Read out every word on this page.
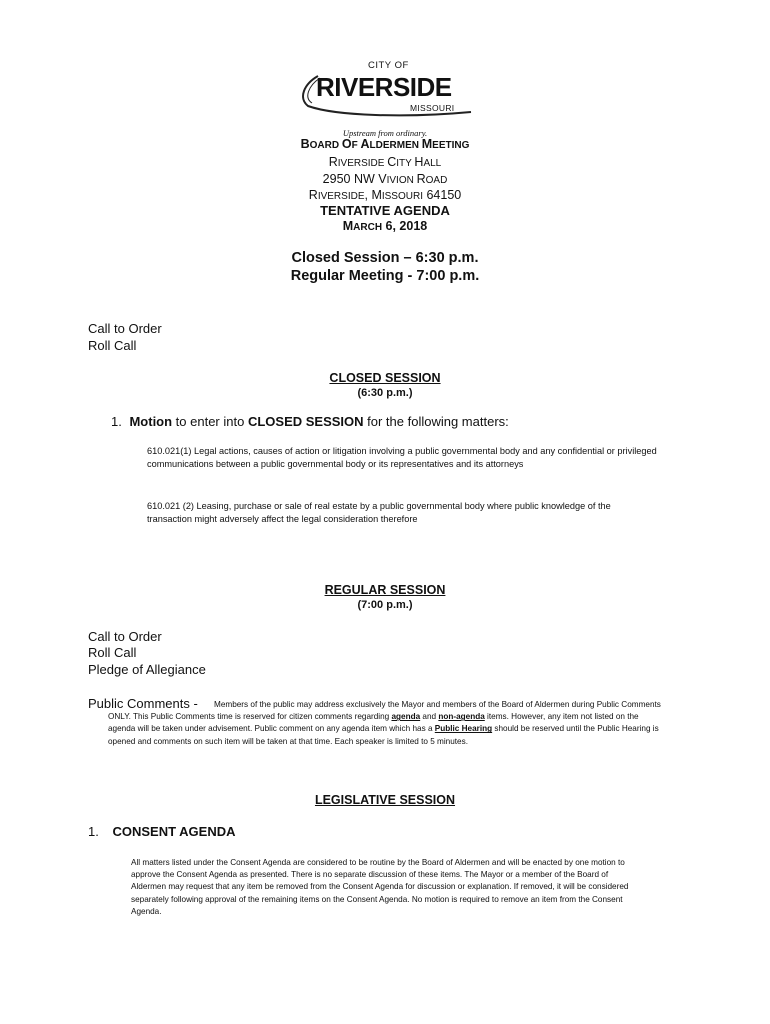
CITY OF
RIVERSIDE
MISSOURI
Upstream from ordinary.
BOARD OF ALDERMEN MEETING
RIVERSIDE CITY HALL
2950 NW VIVION ROAD
RIVERSIDE, MISSOURI 64150
TENTATIVE AGENDA
MARCH 6, 2018
Closed Session – 6:30 p.m.
Regular Meeting - 7:00 p.m.
Call to Order
Roll Call
CLOSED SESSION
(6:30 p.m.)
1. Motion to enter into CLOSED SESSION for the following matters:
610.021(1) Legal actions, causes of action or litigation involving a public governmental body and any confidential or privileged communications between a public governmental body or its representatives and its attorneys
610.021 (2) Leasing, purchase or sale of real estate by a public governmental body where public knowledge of the transaction might adversely affect the legal consideration therefore
REGULAR SESSION
(7:00 p.m.)
Call to Order
Roll Call
Pledge of Allegiance
Public Comments -	Members of the public may address exclusively the Mayor and members of the Board of Aldermen during Public Comments ONLY. This Public Comments time is reserved for citizen comments regarding agenda and non-agenda items. However, any item not listed on the agenda will be taken under advisement. Public comment on any agenda item which has a Public Hearing should be reserved until the Public Hearing is opened and comments on such item will be taken at that time. Each speaker is limited to 5 minutes.
LEGISLATIVE SESSION
1. CONSENT AGENDA
All matters listed under the Consent Agenda are considered to be routine by the Board of Aldermen and will be enacted by one motion to approve the Consent Agenda as presented. There is no separate discussion of these items. The Mayor or a member of the Board of Aldermen may request that any item be removed from the Consent Agenda for discussion or explanation. If removed, it will be considered separately following approval of the remaining items on the Consent Agenda. No motion is required to remove an item from the Consent Agenda.
